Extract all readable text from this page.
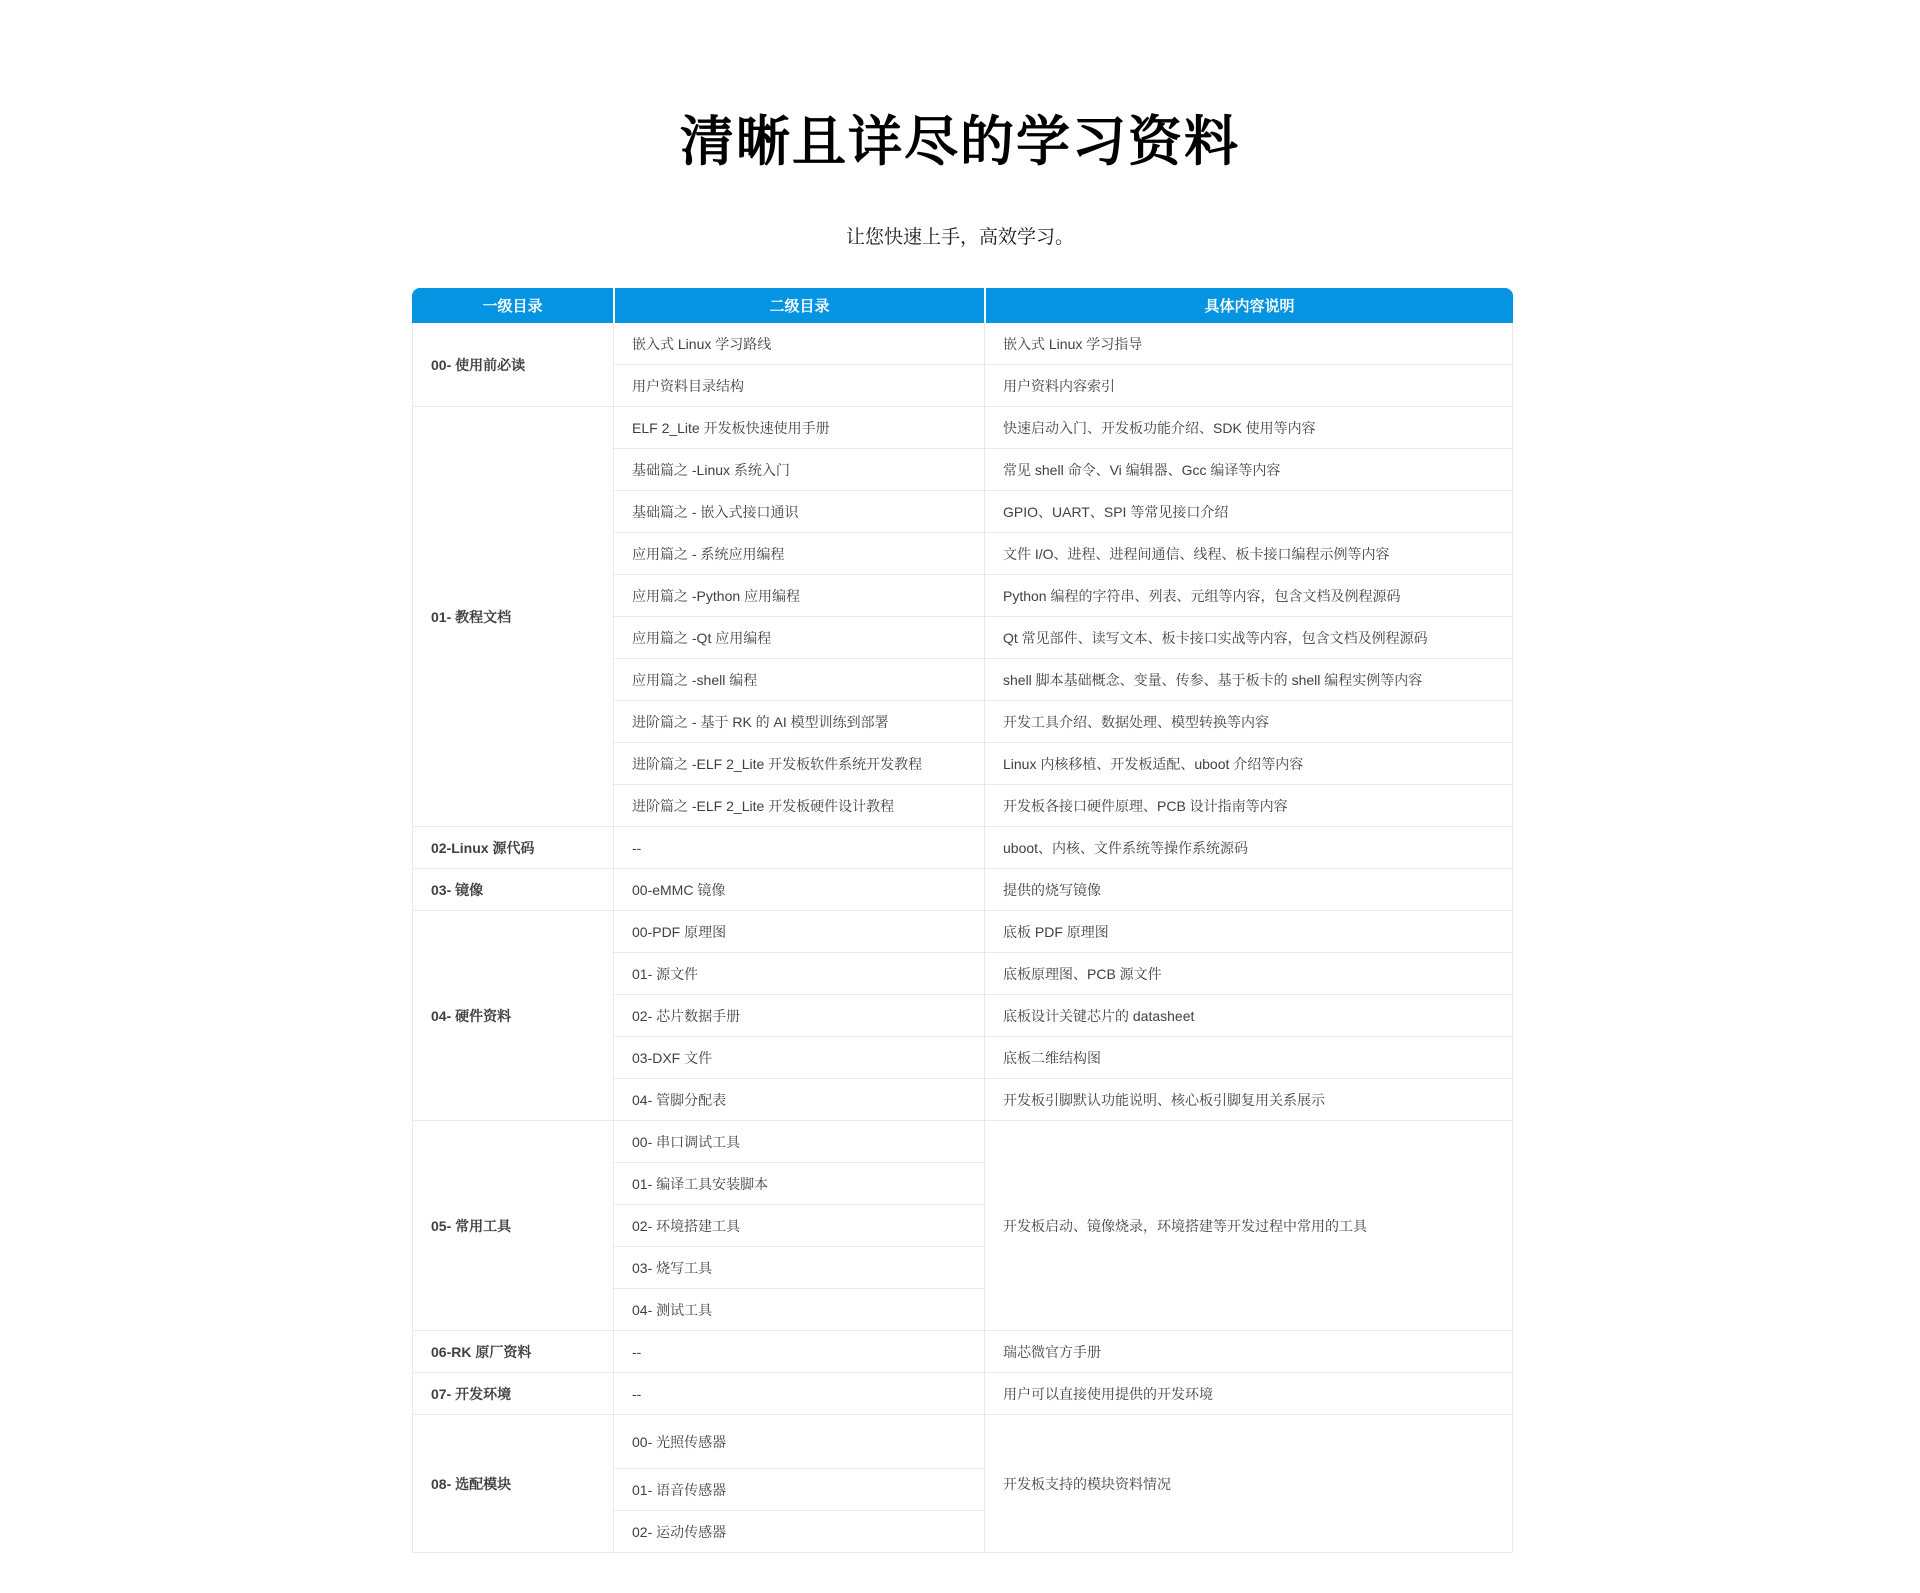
清晰且详尽的学习资料

让您快速上手，高效学习。

一级目录	二级目录	具体内容说明
00- 使用前必读	嵌入式 Linux 学习路线	嵌入式 Linux 学习指导
	用户资料目录结构	用户资料内容索引
01- 教程文档	ELF 2_Lite 开发板快速使用手册	快速启动入门、开发板功能介绍、SDK 使用等内容
	基础篇之 -Linux 系统入门	常见 shell 命令、Vi 编辑器、Gcc 编译等内容
	基础篇之 - 嵌入式接口通识	GPIO、UART、SPI 等常见接口介绍
	应用篇之 - 系统应用编程	文件 I/O、进程、进程间通信、线程、板卡接口编程示例等内容
	应用篇之 -Python 应用编程	Python 编程的字符串、列表、元组等内容，包含文档及例程源码
	应用篇之 -Qt 应用编程	Qt 常见部件、读写文本、板卡接口实战等内容，包含文档及例程源码
	应用篇之 -shell 编程	shell 脚本基础概念、变量、传参、基于板卡的 shell 编程实例等内容
	进阶篇之 - 基于 RK 的 AI 模型训练到部署	开发工具介绍、数据处理、模型转换等内容
	进阶篇之 -ELF 2_Lite 开发板软件系统开发教程	Linux 内核移植、开发板适配、uboot 介绍等内容
	进阶篇之 -ELF 2_Lite 开发板硬件设计教程	开发板各接口硬件原理、PCB 设计指南等内容
02-Linux 源代码	--	uboot、内核、文件系统等操作系统源码
03- 镜像	00-eMMC 镜像	提供的烧写镜像
04- 硬件资料	00-PDF 原理图	底板 PDF 原理图
	01- 源文件	底板原理图、PCB 源文件
	02- 芯片数据手册	底板设计关键芯片的 datasheet
	03-DXF 文件	底板二维结构图
	04- 管脚分配表	开发板引脚默认功能说明、核心板引脚复用关系展示
05- 常用工具	00- 串口调试工具	开发板启动、镜像烧录，环境搭建等开发过程中常用的工具
	01- 编译工具安装脚本	
	02- 环境搭建工具	
	03- 烧写工具	
	04- 测试工具	
06-RK 原厂资料	--	瑞芯微官方手册
07- 开发环境	--	用户可以直接使用提供的开发环境
08- 选配模块	00- 光照传感器	开发板支持的模块资料情况
	01- 语音传感器	
	02- 运动传感器	
